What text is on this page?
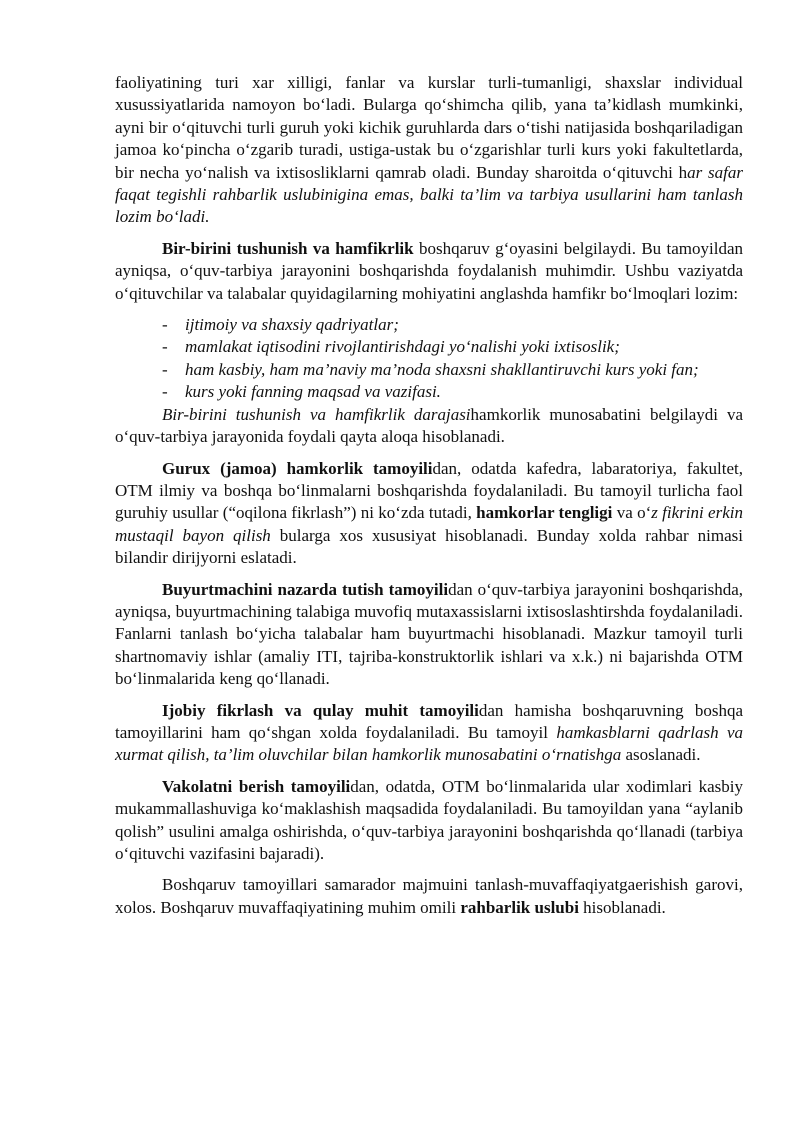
faoliyatining turi xar xilligi, fanlar va kurslar turli-tumanligi, shaxslar individual xusussiyatlarida namoyon bo‘ladi. Bularga qo‘shimcha qilib, yana ta’kidlash mumkinki, ayni bir o‘qituvchi turli guruh yoki kichik guruhlarda dars o‘tishi natijasida boshqariladigan jamoa ko‘pincha o‘zgarib turadi, ustiga-ustak bu o‘zgarishlar turli kurs yoki fakultetlarda, bir necha yo‘nalish va ixtisosliklarni qamrab oladi. Bunday sharoitda o‘qituvchi har safar faqat tegishli rahbarlik uslubinigina emas, balki ta’lim va tarbiya usullarini ham tanlash lozim bo‘ladi.

Bir-birini tushunish va hamfikrlik boshqaruv g‘oyasini belgilaydi. Bu tamoyildan ayniqsa, o‘quv-tarbiya jarayonini boshqarishda foydalanish muhimdir. Ushbu vaziyatda o‘qituvchilar va talabalar quyidagilarning mohiyatini anglashda hamfikr bo‘lmoqlari lozim:

- ijtimoiy va shaxsiy qadriyatlar;
- mamlakat iqtisodini rivojlantirishdagi yo‘nalishi yoki ixtisoslik;
- ham kasbiy, ham ma’naviy ma’noda shaxsni shakllantiruvchi kurs yoki fan;
- kurs yoki fanning maqsad va vazifasi.

Bir-birini tushunish va hamfikrlik darajasihamkorlik munosabatini belgilaydi va o‘quv-tarbiya jarayonida foydali qayta aloqa hisoblanadi.

Gurux (jamoa) hamkorlik tamoyilidan, odatda kafedra, labaratoriya, fakultet, OTM ilmiy va boshqa bo‘linmalarni boshqarishda foydalaniladi. Bu tamoyil turlicha faol guruhiy usullar (“oqilona fikrlash”) ni ko‘zda tutadi, hamkorlar tengligi va o‘z fikrini erkin mustaqil bayon qilish bularga xos xususiyat hisoblanadi. Bunday xolda rahbar nimasi bilandir dirijyorni eslatadi.

Buyurtmachini nazarda tutish tamoyilidan o‘quv-tarbiya jarayonini boshqarishda, ayniqsa, buyurtmachining talabiga muvofiq mutaxassislarni ixtisoslashtirshda foydalaniladi. Fanlarni tanlash bo‘yicha talabalar ham buyurtmachi hisoblanadi. Mazkur tamoyil turli shartnomaviy ishlar (amaliy ITI, tajriba-konstruktorlik ishlari va x.k.) ni bajarishda OTM bo‘linmalarida keng qo‘llanadi.

Ijobiy fikrlash va qulay muhit tamoyilidan hamisha boshqaruvning boshqa tamoyillarini ham qo‘shgan xolda foydalaniladi. Bu tamoyil hamkasblarni qadrlash va xurmat qilish, ta’lim oluvchilar bilan hamkorlik munosabatini o‘rnatishga asoslanadi.

Vakolatni berish tamoyilidan, odatda, OTM bo‘linmalarida ular xodimlari kasbiy mukammallashuviga ko‘maklashish maqsadida foydalaniladi. Bu tamoyildan yana “aylanib qolish” usulini amalga oshirishda, o‘quv-tarbiya jarayonini boshqarishda qo‘llanadi (tarbiya o‘qituvchi vazifasini bajaradi).

Boshqaruv tamoyillari samarador majmuini tanlash-muvaffaqiyatgaerishish garovi, xolos. Boshqaruv muvaffaqiyatining muhim omili rahbarlik uslubi hisoblanadi.
